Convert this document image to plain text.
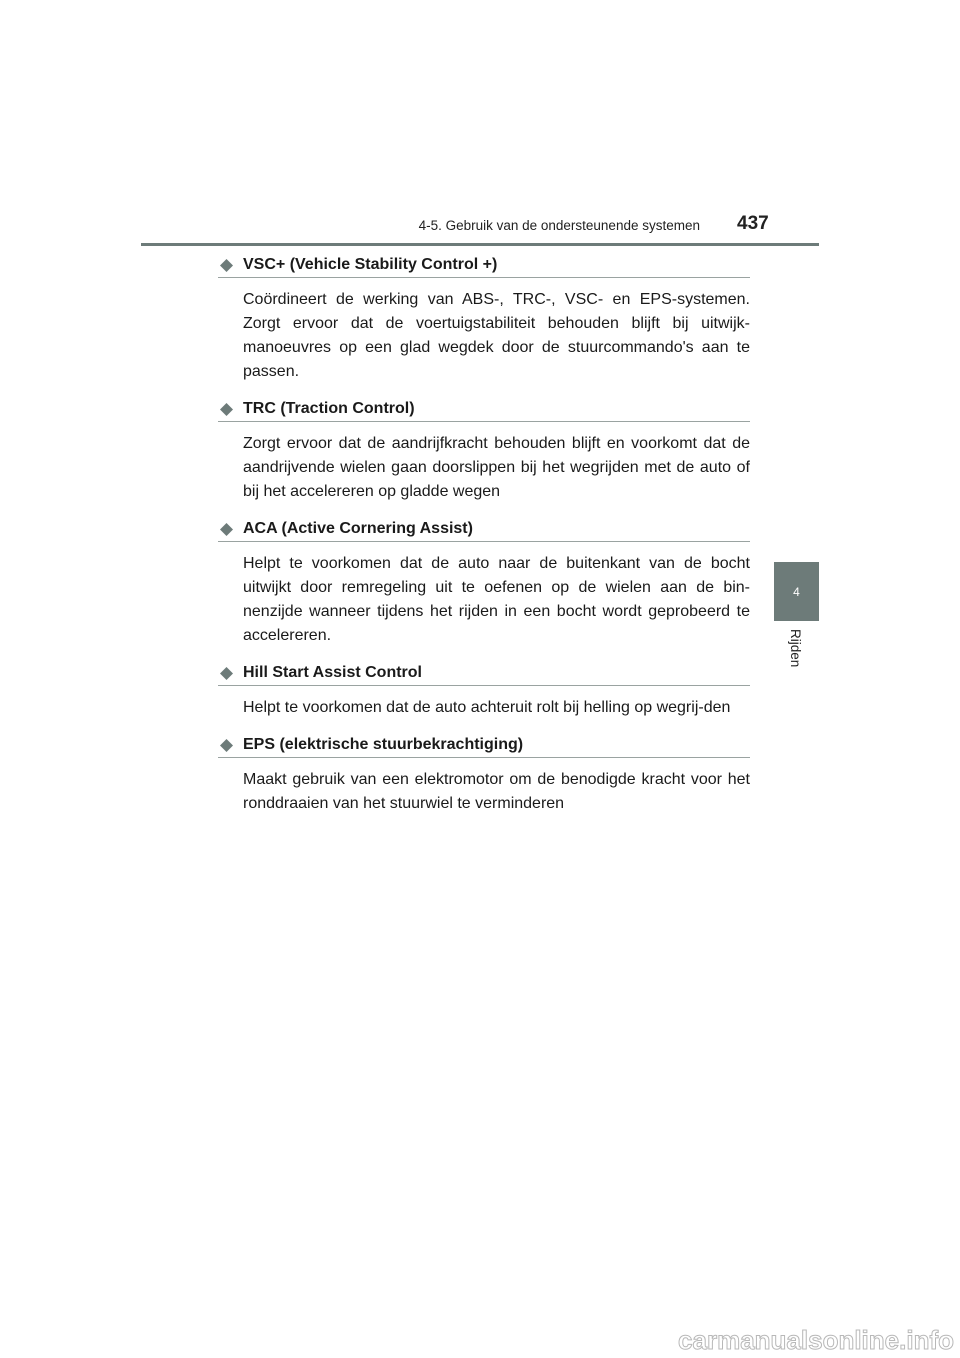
4-5. Gebruik van de ondersteunende systemen 437
4
Rijden
VSC+ (Vehicle Stability Control +)
Coördineert de werking van ABS-, TRC-, VSC- en EPS-systemen. Zorgt ervoor dat de voertuigstabiliteit behouden blijft bij uitwijk-manoeuvres op een glad wegdek door de stuurcommando's aan te passen.
TRC (Traction Control)
Zorgt ervoor dat de aandrijfkracht behouden blijft en voorkomt dat de aandrijvende wielen gaan doorslippen bij het wegrijden met de auto of bij het accelereren op gladde wegen
ACA (Active Cornering Assist)
Helpt te voorkomen dat de auto naar de buitenkant van de bocht uitwijkt door remregeling uit te oefenen op de wielen aan de bin-nenzijde wanneer tijdens het rijden in een bocht wordt geprobeerd te accelereren.
Hill Start Assist Control
Helpt te voorkomen dat de auto achteruit rolt bij helling op wegrij-den
EPS (elektrische stuurbekrachtiging)
Maakt gebruik van een elektromotor om de benodigde kracht voor het ronddraaien van het stuurwiel te verminderen
carmanualsonline.info
